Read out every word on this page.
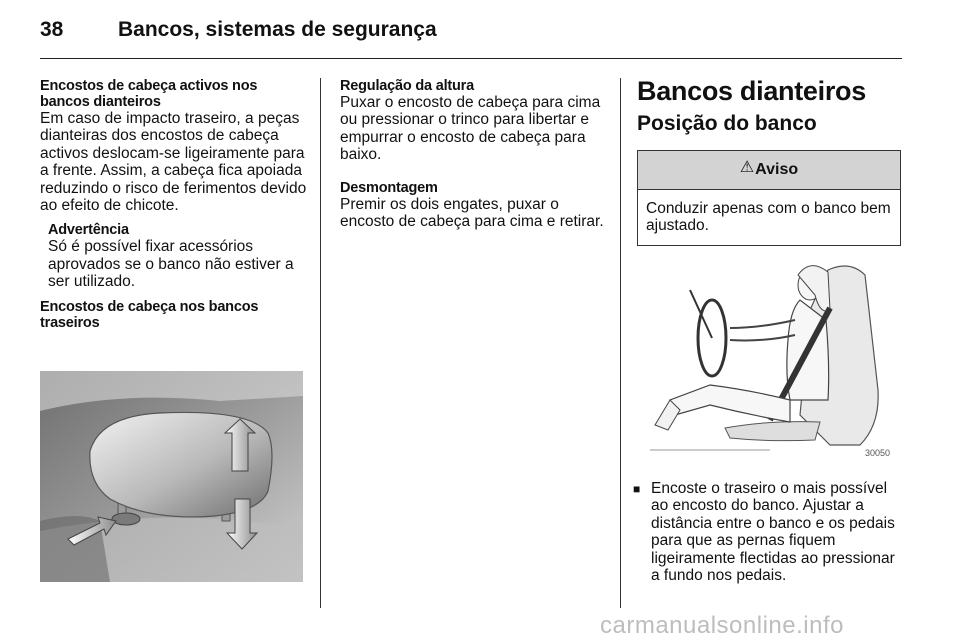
38	Bancos, sistemas de segurança
Encostos de cabeça activos nos bancos dianteiros

Em caso de impacto traseiro, a peças dianteiras dos encostos de cabeça activos deslocam-se ligeiramente para a frente. Assim, a cabeça fica apoiada reduzindo o risco de ferimentos devido ao efeito de chicote.

Advertência

Só é possível fixar acessórios aprovados se o banco não estiver a ser utilizado.

Encostos de cabeça nos bancos traseiros
Regulação da altura

Puxar o encosto de cabeça para cima ou pressionar o trinco para libertar e empurrar o encosto de cabeça para baixo.

Desmontagem

Premir os dois engates, puxar o encosto de cabeça para cima e retirar.

Bancos dianteiros
Posição do banco
⚠ Aviso
Conduzir apenas com o banco bem ajustado.
30050
■ Encoste o traseiro o mais possível ao encosto do banco. Ajustar a distância entre o banco e os pedais para que as pernas fiquem ligeiramente flectidas ao pressionar a fundo nos pedais.
carmanualsonline.info
